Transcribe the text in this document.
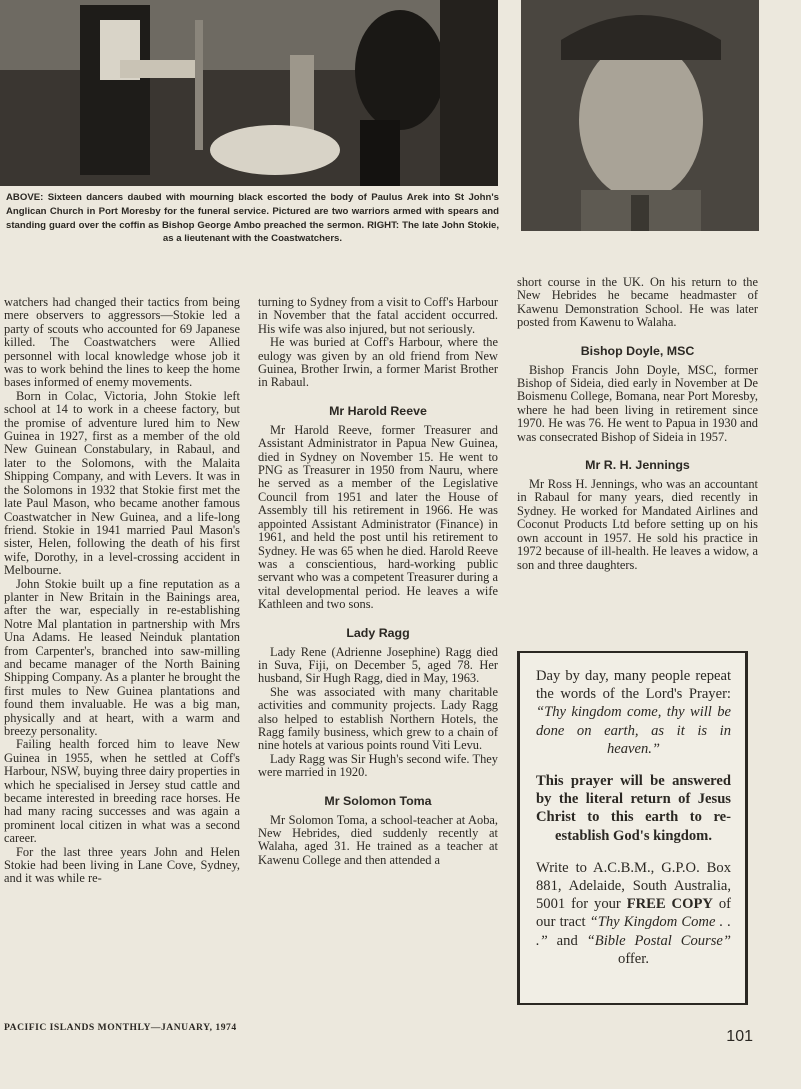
ABOVE: Sixteen dancers daubed with mourning black escorted the body of Paulus Arek into St John's Anglican Church in Port Moresby for the funeral service. Pictured are two warriors armed with spears and standing guard over the coffin as Bishop George Ambo preached the sermon. RIGHT: The late John Stokie, as a lieutenant with the Coastwatchers.

watchers had changed their tactics from being mere observers to aggressors—Stokie led a party of scouts who accounted for 69 Japanese killed. The Coastwatchers were Allied personnel with local knowledge whose job it was to work behind the lines to keep the home bases informed of enemy movements.

Born in Colac, Victoria, John Stokie left school at 14 to work in a cheese factory, but the promise of adventure lured him to New Guinea in 1927, first as a member of the old New Guinean Constabulary, in Rabaul, and later to the Solomons, with the Malaita Shipping Company, and with Levers. It was in the Solomons in 1932 that Stokie first met the late Paul Mason, who became another famous Coastwatcher in New Guinea, and a life-long friend. Stokie in 1941 married Paul Mason's sister, Helen, following the death of his first wife, Dorothy, in a level-crossing accident in Melbourne.

John Stokie built up a fine reputation as a planter in New Britain in the Bainings area, after the war, especially in re-establishing Notre Mal plantation in partnership with Mrs Una Adams. He leased Neinduk plantation from Carpenter's, branched into saw-milling and became manager of the North Baining Shipping Company. As a planter he brought the first mules to New Guinea plantations and found them invaluable. He was a big man, physically and at heart, with a warm and breezy personality.

Failing health forced him to leave New Guinea in 1955, when he settled at Coff's Harbour, NSW, buying three dairy properties in which he specialised in Jersey stud cattle and became interested in breeding race horses. He had many racing successes and was again a prominent local citizen in what was a second career.

For the last three years John and Helen Stokie had been living in Lane Cove, Sydney, and it was while re-

turning to Sydney from a visit to Coff's Harbour in November that the fatal accident occurred. His wife was also injured, but not seriously.

He was buried at Coff's Harbour, where the eulogy was given by an old friend from New Guinea, Brother Irwin, a former Marist Brother in Rabaul.

Mr Harold Reeve

Mr Harold Reeve, former Treasurer and Assistant Administrator in Papua New Guinea, died in Sydney on November 15. He went to PNG as Treasurer in 1950 from Nauru, where he served as a member of the Legislative Council from 1951 and later the House of Assembly till his retirement in 1966. He was appointed Assistant Administrator (Finance) in 1961, and held the post until his retirement to Sydney. He was 65 when he died. Harold Reeve was a conscientious, hard-working public servant who was a competent Treasurer during a vital developmental period. He leaves a wife Kathleen and two sons.

Lady Ragg

Lady Rene (Adrienne Josephine) Ragg died in Suva, Fiji, on December 5, aged 78. Her husband, Sir Hugh Ragg, died in May, 1963.

She was associated with many charitable activities and community projects. Lady Ragg also helped to establish Northern Hotels, the Ragg family business, which grew to a chain of nine hotels at various points round Viti Levu.

Lady Ragg was Sir Hugh's second wife. They were married in 1920.

Mr Solomon Toma

Mr Solomon Toma, a school-teacher at Aoba, New Hebrides, died suddenly recently at Walaha, aged 31. He trained as a teacher at Kawenu College and then attended a

short course in the UK. On his return to the New Hebrides he became headmaster of Kawenu Demonstration School. He was later posted from Kawenu to Walaha.

Bishop Doyle, MSC

Bishop Francis John Doyle, MSC, former Bishop of Sideia, died early in November at De Boismenu College, Bomana, near Port Moresby, where he had been living in retirement since 1970. He was 76. He went to Papua in 1930 and was consecrated Bishop of Sideia in 1957.

Mr R. H. Jennings

Mr Ross H. Jennings, who was an accountant in Rabaul for many years, died recently in Sydney. He worked for Mandated Airlines and Coconut Products Ltd before setting up on his own account in 1957. He sold his practice in 1972 because of ill-health. He leaves a widow, a son and three daughters.

Day by day, many people repeat the words of the Lord's Prayer: “Thy kingdom come, thy will be done on earth, as it is in heaven.”

This prayer will be answered by the literal return of Jesus Christ to this earth to re-establish God's kingdom.

Write to A.C.B.M., G.P.O. Box 881, Adelaide, South Australia, 5001 for your FREE COPY of our tract “Thy Kingdom Come . . .” and “Bible Postal Course” offer.

PACIFIC ISLANDS MONTHLY—JANUARY, 1974
101
